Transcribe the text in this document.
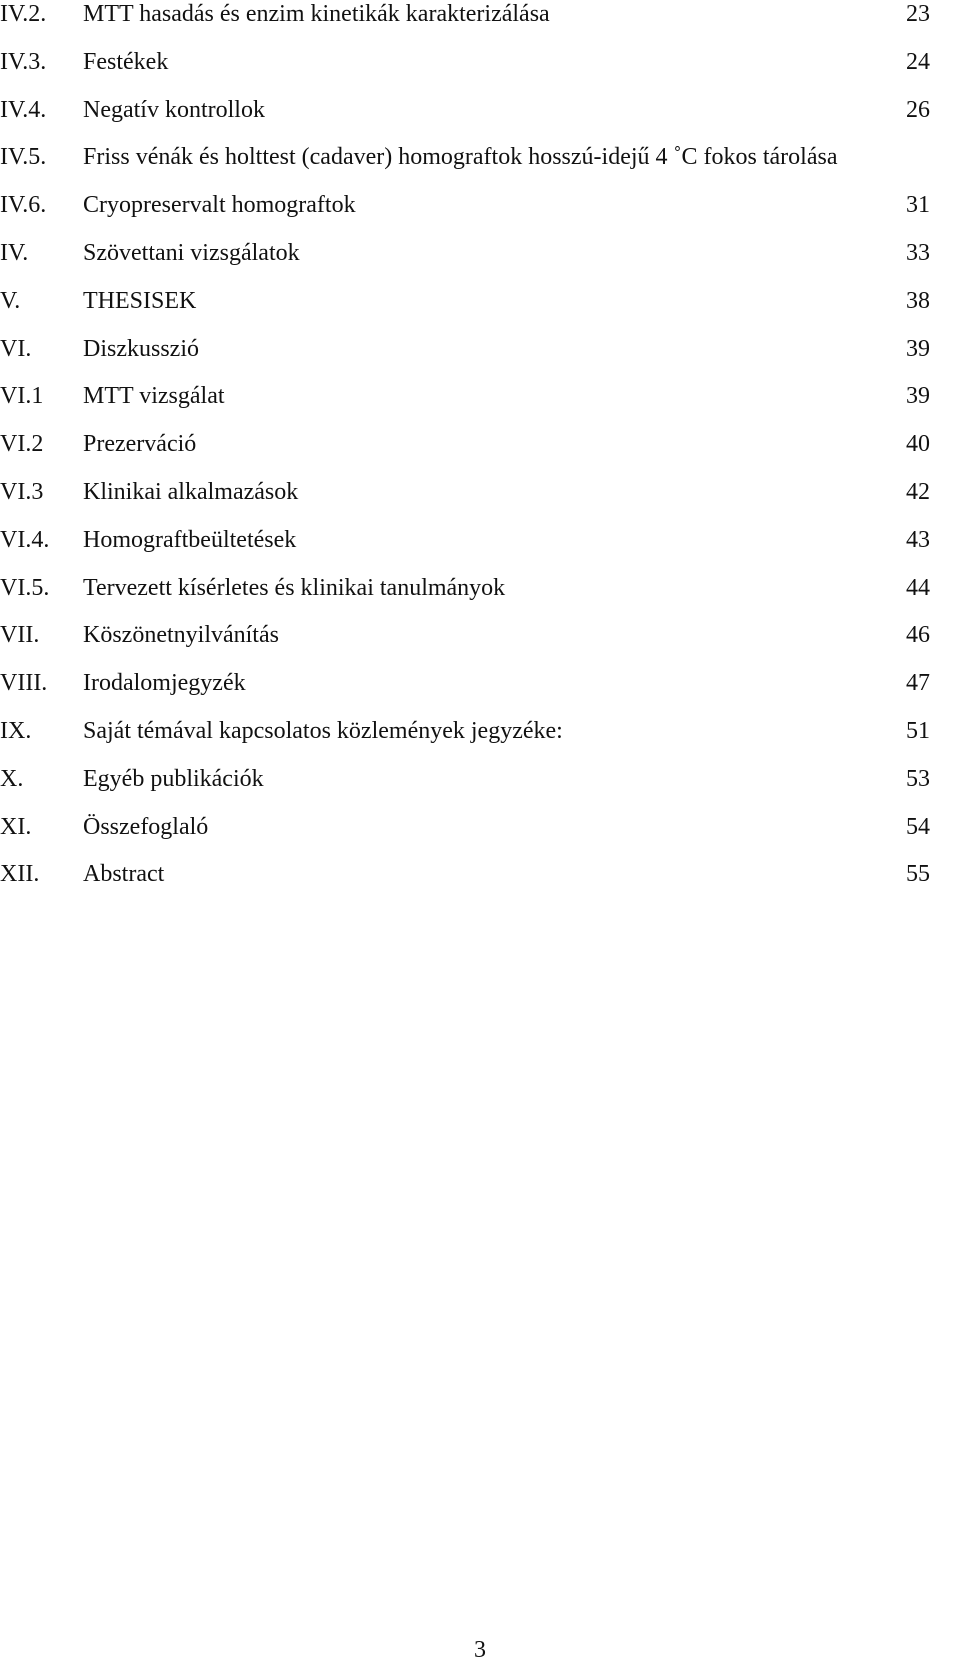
IV.2. MTT hasadás és enzim kinetikák karakterizálása	23
IV.3. Festékek	24
IV.4. Negatív kontrollok	26
IV.5. Friss vénák és holttest (cadaver) homograftok hosszú-idejű 4 ˚C fokos tárolása
IV.6. Cryopreservalt homograftok	31
IV. Szövettani vizsgálatok	33
V.	THESISEK	38
VI. Diszkusszió	39
VI.1 MTT vizsgálat	39
VI.2 Prezerváció	40
VI.3 Klinikai alkalmazások	42
VI.4. Homograftbeültetések	43
VI.5. Tervezett kísérletes és klinikai tanulmányok	44
VII. Köszönetnyilvánítás	46
VIII. Irodalomjegyzék	47
IX. Saját témával kapcsolatos közlemények jegyzéke:	51
X. Egyéb publikációk	53
XI. Összefoglaló	54
XII. Abstract	55
3
